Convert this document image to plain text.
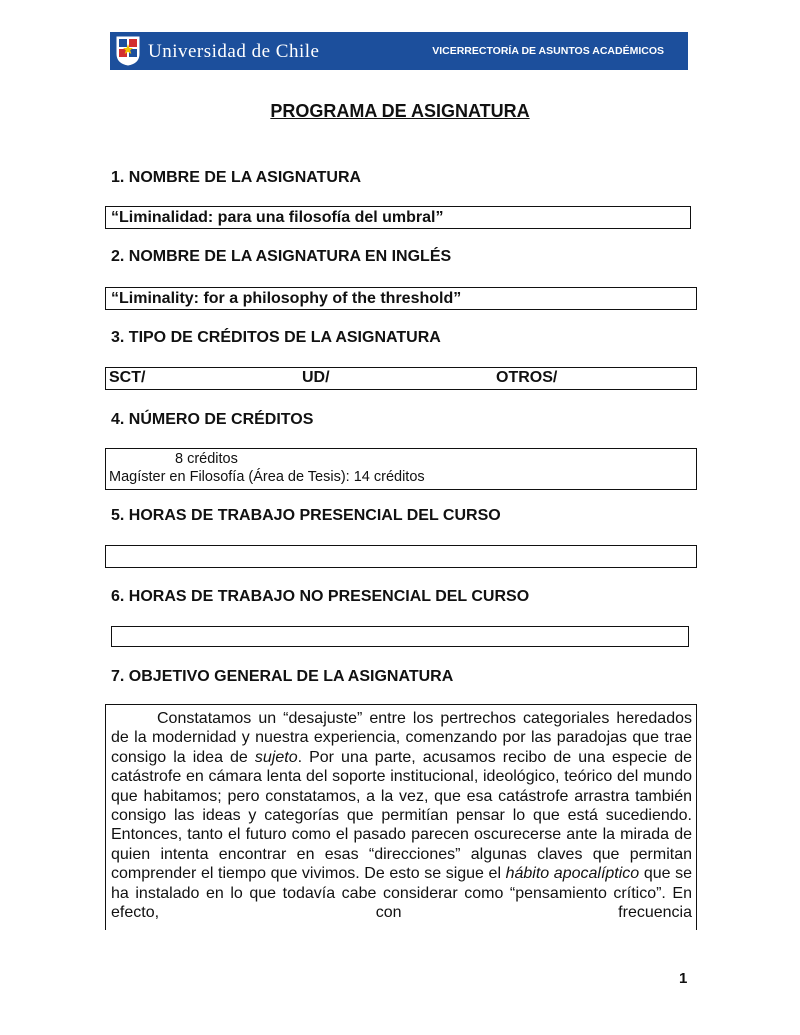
Universidad de Chile	VICERRECTORÍA DE ASUNTOS ACADÉMICOS
PROGRAMA DE ASIGNATURA
1. NOMBRE DE LA ASIGNATURA
“Liminalidad: para una filosofía del umbral”
2. NOMBRE DE LA ASIGNATURA EN INGLÉS
“Liminality: for a philosophy of the threshold”
3. TIPO DE CRÉDITOS DE LA ASIGNATURA
SCT/	UD/	OTROS/
4. NÚMERO DE CRÉDITOS
8 créditos
Magíster en Filosofía (Área de Tesis): 14 créditos
5. HORAS DE TRABAJO PRESENCIAL DEL CURSO
6. HORAS DE TRABAJO NO PRESENCIAL DEL CURSO
7. OBJETIVO GENERAL DE LA ASIGNATURA
Constatamos un “desajuste” entre los pertrechos categoriales heredados de la modernidad y nuestra experiencia, comenzando por las paradojas que trae consigo la idea de sujeto. Por una parte, acusamos recibo de una especie de catástrofe en cámara lenta del soporte institucional, ideológico, teórico del mundo que habitamos; pero constatamos, a la vez, que esa catástrofe arrastra también consigo las ideas y categorías que permitían pensar lo que está sucediendo. Entonces, tanto el futuro como el pasado parecen oscurecerse ante la mirada de quien intenta encontrar en esas “direcciones” algunas claves que permitan comprender el tiempo que vivimos. De esto se sigue el hábito apocalíptico que se ha instalado en lo que todavía cabe considerar como “pensamiento crítico”. En efecto, con frecuencia
1
